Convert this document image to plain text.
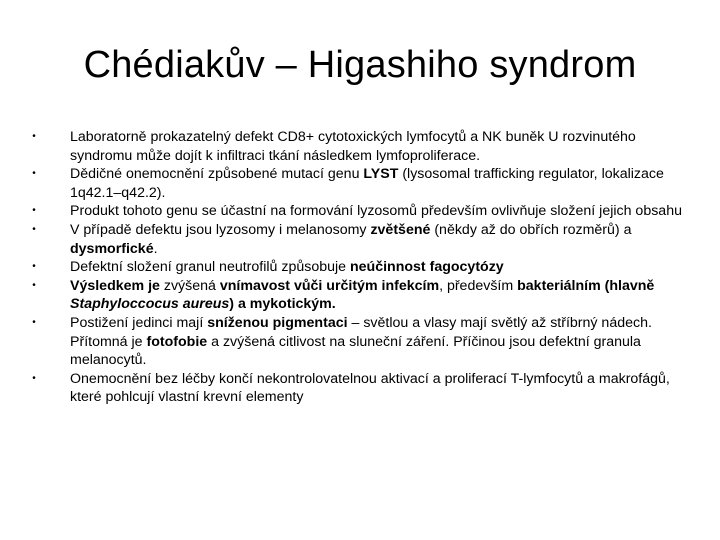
Chédiakův – Higashiho syndrom
• Laboratorně prokazatelný defekt CD8+ cytotoxických lymfocytů a NK buněk U rozvinutého syndromu může dojít k infiltraci tkání následkem lymfoproliferace.
• Dědičné onemocnění způsobené mutací genu LYST (lysosomal trafficking regulator, lokalizace 1q42.1–q42.2).
• Produkt tohoto genu se účastní na formování lyzosomů především ovlivňuje složení jejich obsahu
• V případě defektu jsou lyzosomy i melanosomy zvětšené (někdy až do obřích rozměrů) a dysmorfické.
• Defektní složení granul neutrofilů způsobuje neúčinnost fagocytózy
• Výsledkem je zvýšená vnímavost vůči určitým infekcím, především bakteriálním (hlavně Staphyloccocus aureus) a mykotickým.
• Postižení jedinci mají sníženou pigmentaci – světlou a vlasy mají světlý až stříbrný nádech. Přítomná je fotofobie a zvýšená citlivost na sluneční záření. Příčinou jsou defektní granula melanocytů.
• Onemocnění bez léčby končí nekontrolovatelnou aktivací a proliferací T-lymfocytů a makrofágů, které pohlcují vlastní krevní elementy
